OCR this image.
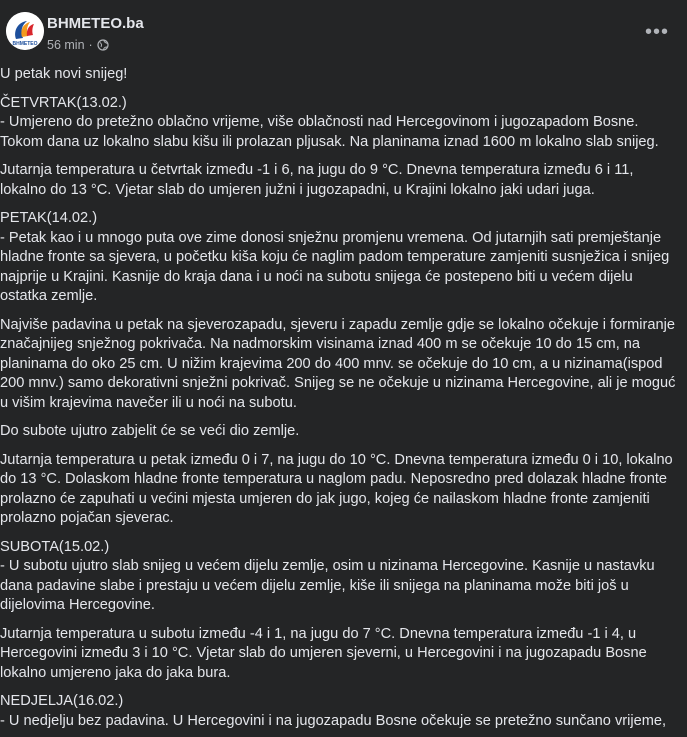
BHMETEO
BHMETEO.ba
56 min ·
•••

U petak novi snijeg!

ČETVRTAK(13.02.)

- Umjereno do pretežno oblačno vrijeme, više oblačnosti nad Hercegovinom i jugozapadom Bosne. Tokom dana uz lokalno slabu kišu ili prolazan pljusak. Na planinama iznad 1600 m lokalno slab snijeg.

Jutarnja temperatura u četvrtak između -1 i 6, na jugu do 9 °C. Dnevna temperatura između 6 i 11, lokalno do 13 °C. Vjetar slab do umjeren južni i jugozapadni, u Krajini lokalno jaki udari juga.

PETAK(14.02.)

- Petak kao i u mnogo puta ove zime donosi snježnu promjenu vremena. Od jutarnjih sati premještanje hladne fronte sa sjevera, u početku kiša koju će naglim padom temperature zamjeniti susnježica i snijeg najprije u Krajini. Kasnije do kraja dana i u noći na subotu snijega će postepeno biti u većem dijelu ostatka zemlje.

Najviše padavina u petak na sjeverozapadu, sjeveru i zapadu zemlje gdje se lokalno očekuje i formiranje značajnijeg snježnog pokrivača. Na nadmorskim visinama iznad 400 m se očekuje 10 do 15 cm, na planinama do oko 25 cm. U nižim krajevima 200 do 400 mnv. se očekuje do 10 cm, a u nizinama(ispod 200 mnv.) samo dekorativni snježni pokrivač. Snijeg se ne očekuje u nizinama Hercegovine, ali je moguć u višim krajevima navečer ili u noći na subotu.

Do subote ujutro zabjelit će se veći dio zemlje.

Jutarnja temperatura u petak između 0 i 7, na jugu do 10 °C. Dnevna temperatura između 0 i 10, lokalno do 13 °C. Dolaskom hladne fronte temperatura u naglom padu. Neposredno pred dolazak hladne fronte prolazno će zapuhati u većini mjesta umjeren do jak jugo, kojeg će nailaskom hladne fronte zamjeniti prolazno pojačan sjeverac.

SUBOTA(15.02.)

- U subotu ujutro slab snijeg u većem dijelu zemlje, osim u nizinama Hercegovine. Kasnije u nastavku dana padavine slabe i prestaju u većem dijelu zemlje, kiše ili snijega na planinama može biti još u dijelovima Hercegovine.

Jutarnja temperatura u subotu između -4 i 1, na jugu do 7 °C. Dnevna temperatura između -1 i 4, u Hercegovini između 3 i 10 °C. Vjetar slab do umjeren sjeverni, u Hercegovini i na jugozapadu Bosne lokalno umjereno jaka do jaka bura.

NEDJELJA(16.02.)

- U nedjelju bez padavina. U Hercegovini i na jugozapadu Bosne očekuje se pretežno sunčano vrijeme,
